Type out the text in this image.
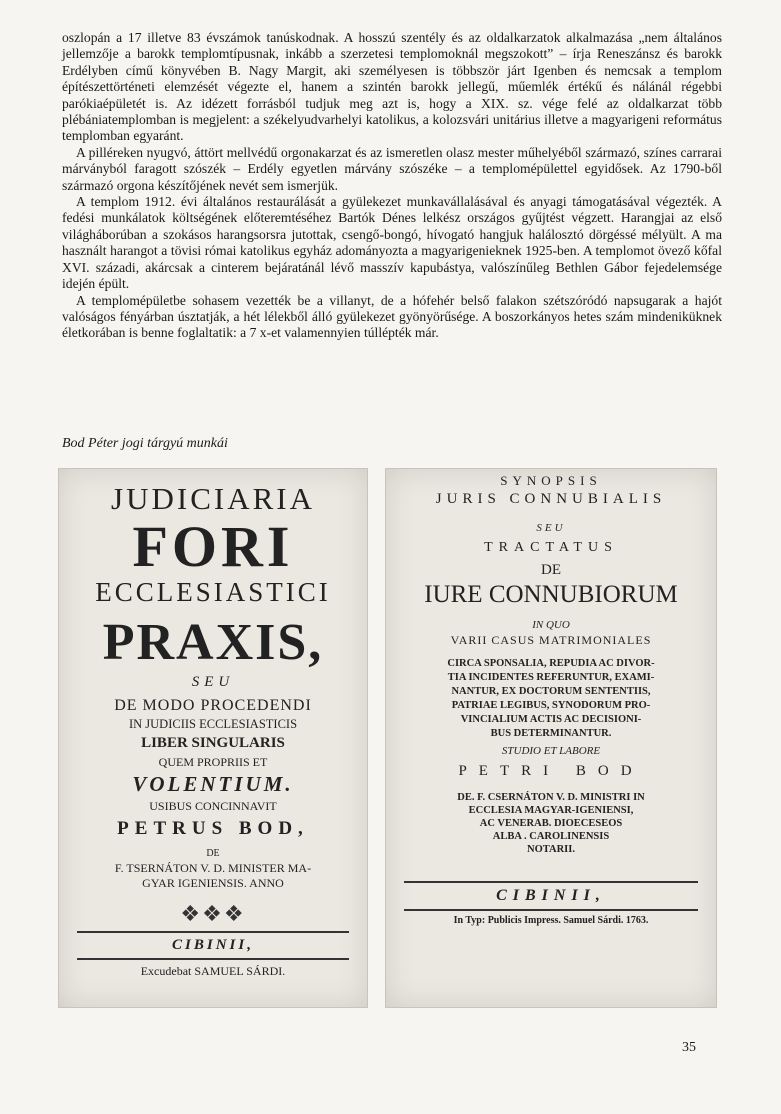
oszlopán a 17 illetve 83 évszámok tanúskodnak. A hosszú szentély és az oldalkarzatok alkalmazása „nem általános jellemzője a barokk templomtípusnak, inkább a szerzetesi templomoknál megszokott” – írja Reneszánsz és barokk Erdélyben című könyvében B. Nagy Margit, aki személyesen is többször járt Igenben és nemcsak a templom építészettörténeti elemzését végezte el, hanem a szintén barokk jellegű, műemlék értékű és nálánál régebbi parókiaépületét is. Az idézett forrásból tudjuk meg azt is, hogy a XIX. sz. vége felé az oldalkarzat több plébániatemplomban is megjelent: a székelyudvarhelyi katolikus, a kolozsvári unitárius illetve a magyarigeni református templomban egyaránt.

A pilléreken nyugvó, áttört mellvédű orgonakarzat és az ismeretlen olasz mester műhelyéből származó, színes carrarai márványból faragott szószék – Erdély egyetlen márvány szószéke – a templomépülettel egyidősek. Az 1790-ből származó orgona készítőjének nevét sem ismerjük.

A templom 1912. évi általános restaurálását a gyülekezet munkavállalásával és anyagi támogatásával végezték. A fedési munkálatok költségének előteremtéséhez Bartók Dénes lelkész országos gyűjtést végzett. Harangjai az első világháborúban a szokásos harangsorsra jutottak, csengő-bongó, hívogató hangjuk halálosztó dörgéssé mélyült. A ma használt harangot a tövisi római katolikus egyház adományozta a magyarigenieknek 1925-ben. A templomot övező kőfal XVI. századi, akárcsak a cinterem bejáratánál lévő masszív kapubástya, valószínűleg Bethlen Gábor fejedelemsége idején épült.

A templomépületbe sohasem vezették be a villanyt, de a hófehér belső falakon szétszóródó napsugarak a hajót valóságos fényárban úsztatják, a hét lélekből álló gyülekezet gyönyörűsége. A boszorkányos hetes szám mindeniküknek életkorában is benne foglaltatik: a 7 x-et valamennyien túllépték már.

Bod Péter jogi tárgyú munkái
JUDICIARIA
FORI
ECCLESIASTICI
PRAXIS,
SEU
DE MODO PROCEDENDI
IN JUDICIIS ECCLESIASTICIS
LIBER SINGULARIS
QUEM PROPRIIS ET
VOLENTIUM.
USIBUS CONCINNAVIT
PETRUS BOD,
DE
F. TSERNÁTON V. D. MINISTER MA-
GYAR IGENIENSIS. ANNO
❖❖❖
CIBINII,
Excudebat SAMUEL SÁRDI.
SYNOPSIS
JURIS CONNUBIALIS
SEU
TRACTATUS
DE
IURE CONNUBIORUM
IN QUO
VARII CASUS MATRIMONIALES
CIRCA SPONSALIA, REPUDIA AC DIVOR-
TIA INCIDENTES REFERUNTUR, EXAMI-
NANTUR, EX DOCTORUM SENTENTIIS,
PATRIAE LEGIBUS, SYNODORUM PRO-
VINCIALIUM ACTIS AC DECISIONI-
BUS DETERMINANTUR.
STUDIO ET LABORE
PETRI BOD
DE. F. CSERNÁTON V. D. MINISTRI IN
ECCLESIA MAGYAR-IGENIENSI,
AC VENERAB. DIOECESEOS
ALBA . CAROLINENSIS
NOTARII.
CIBINII,
In Typ: Publicis Impress. Samuel Sárdi. 1763.
35
